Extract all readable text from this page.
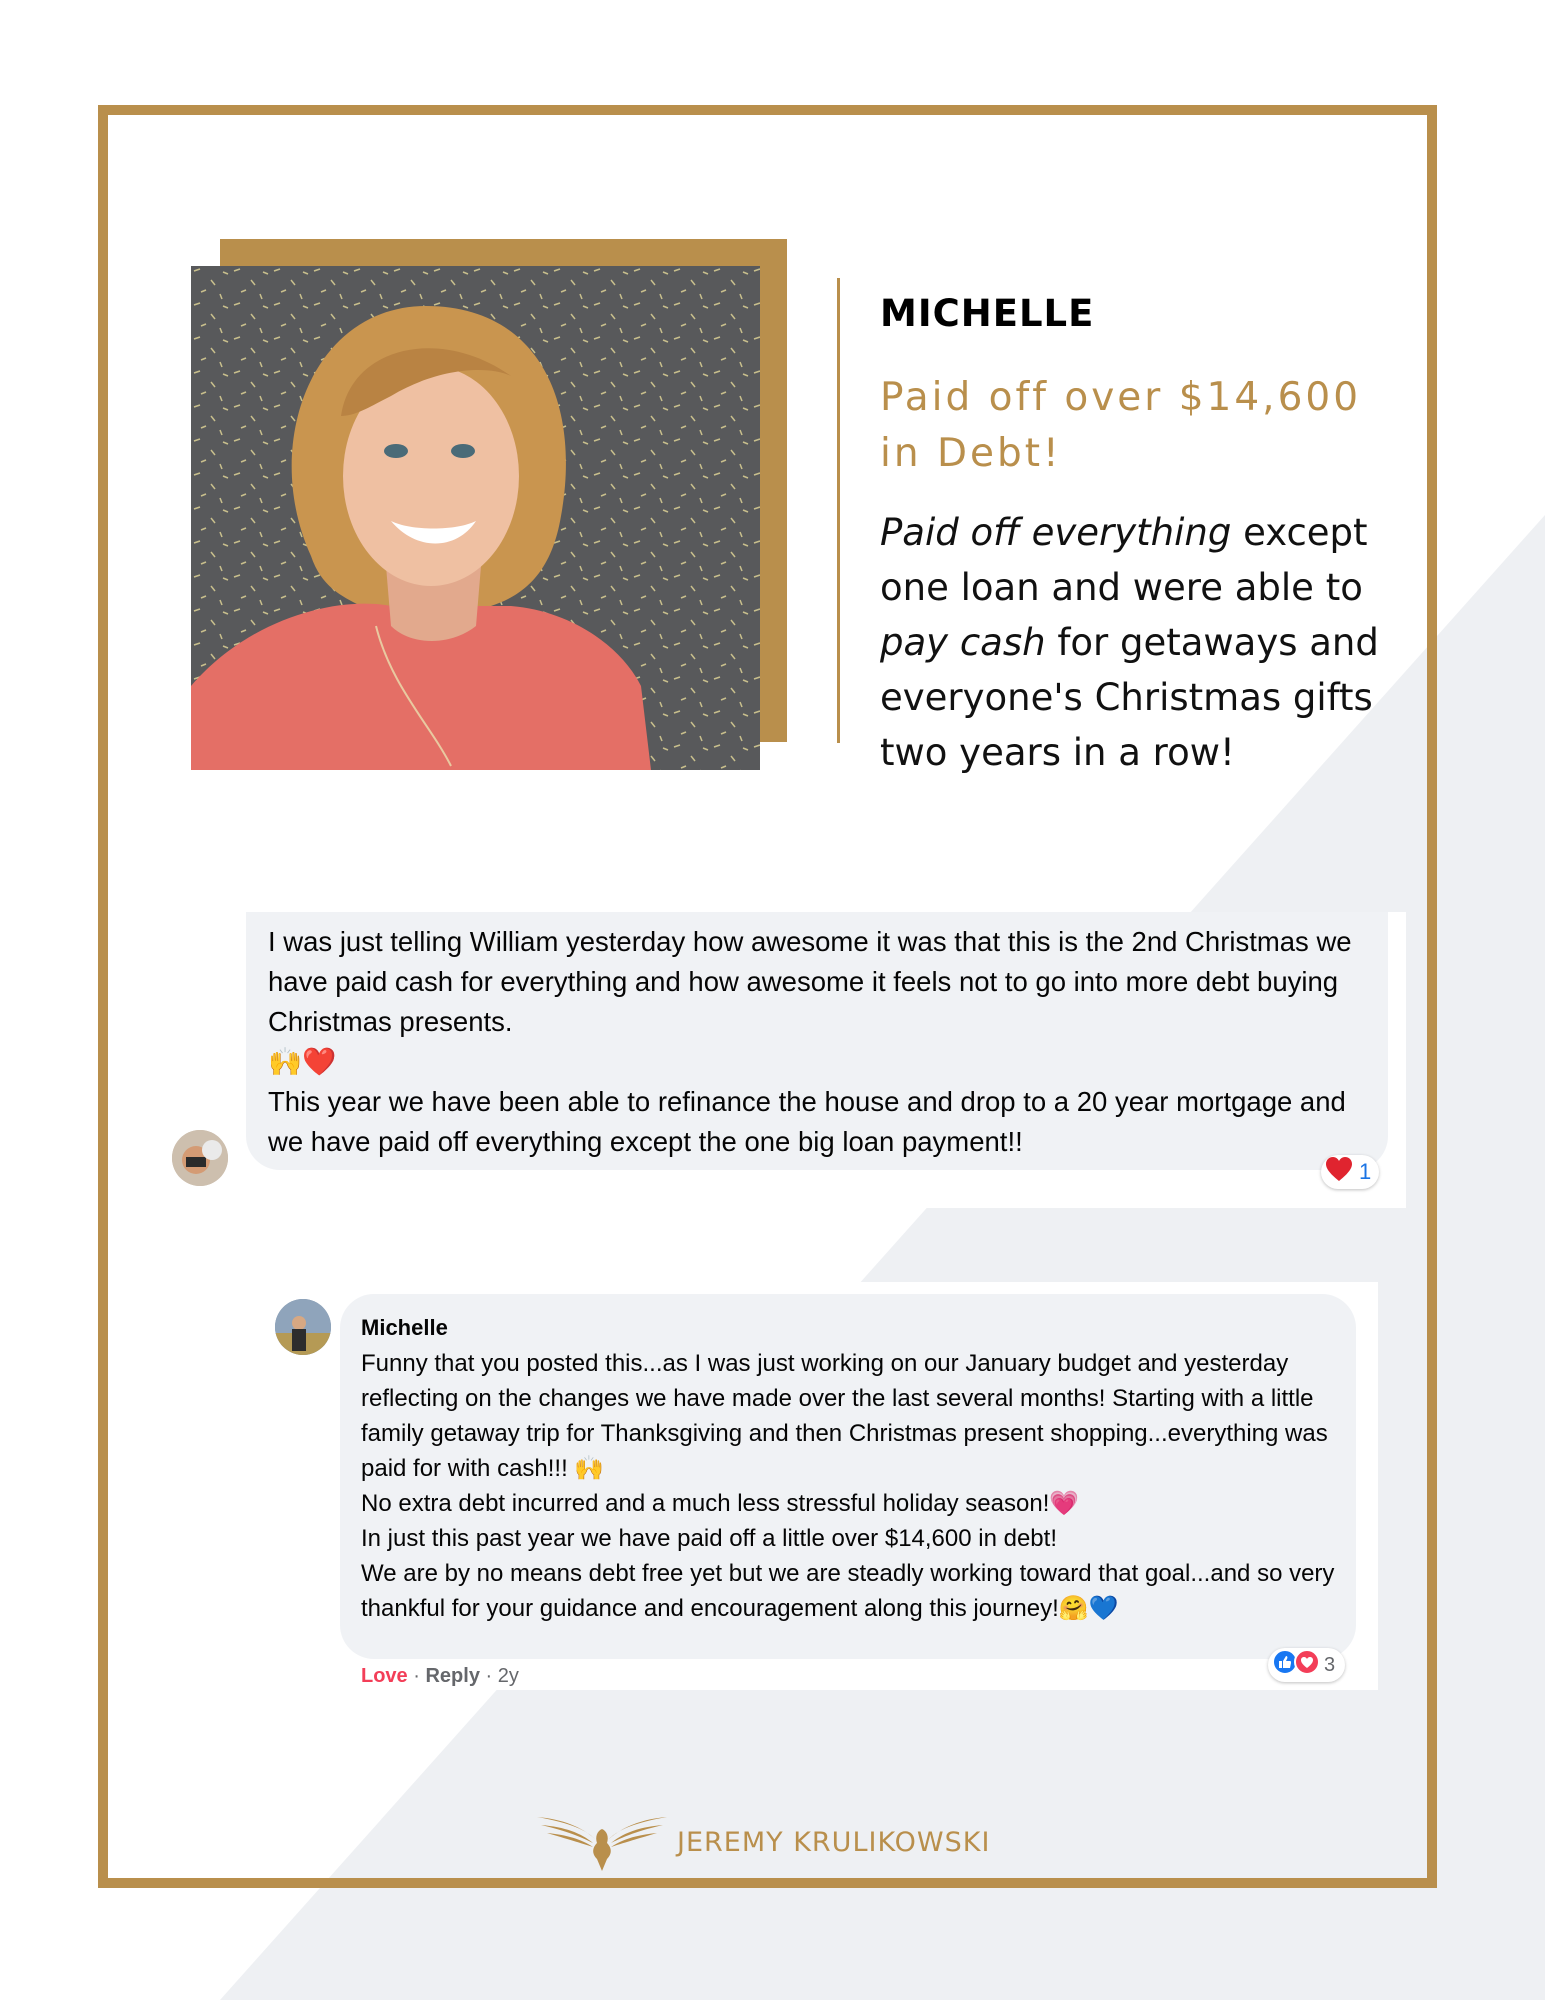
MICHELLE
Paid off over $14,600 in Debt!
Paid off everything except one loan and were able to pay cash for getaways and everyone's Christmas gifts two years in a row!

I was just telling William yesterday how awesome it was that this is the 2nd Christmas we have paid cash for everything and how awesome it feels not to go into more debt buying Christmas presents.

🙌❤️

This year we have been able to refinance the house and drop to a 20 year mortgage and we have paid off everything except the one big loan payment!!

1

Michelle

Funny that you posted this...as I was just working on our January budget and yesterday reflecting on the changes we have made over the last several months! Starting with a little family getaway trip for Thanksgiving and then Christmas present shopping...everything was paid for with cash!!! 🙌

No extra debt incurred and a much less stressful holiday season!💗

In just this past year we have paid off a little over $14,600 in debt!

We are by no means debt free yet but we are steadly working toward that goal...and so very thankful for your guidance and encouragement along this journey!🤗💙

3
Love · Reply · 2y
JEREMY KRULIKOWSKI
